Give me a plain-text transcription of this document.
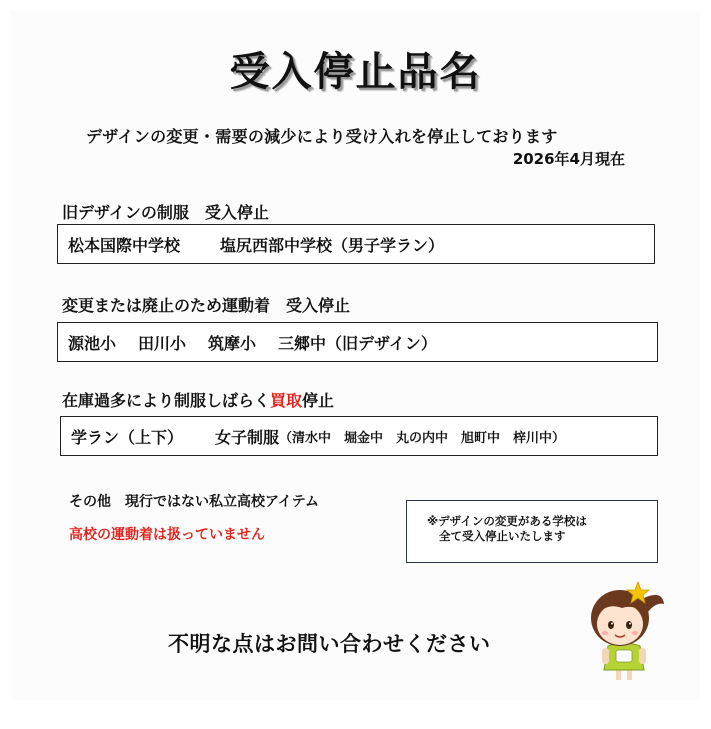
受入停止品名
デザインの変更・需要の減少により受け入れを停止しております
2026年4月現在
旧デザインの制服　受入停止
松本国際中学校	塩尻西部中学校（男子学ラン）
変更または廃止のため運動着　受入停止
源池小 田川小 筑摩小 三郷中（旧デザイン）
在庫過多により制服しばらく買取停止
学ラン（上下） 女子制服 （清水中　堀金中　丸の内中　旭町中　梓川中）
その他　現行ではない私立高校アイテム
高校の運動着は扱っていません
※デザインの変更がある学校は
全て受入停止いたします
不明な点はお問い合わせください
